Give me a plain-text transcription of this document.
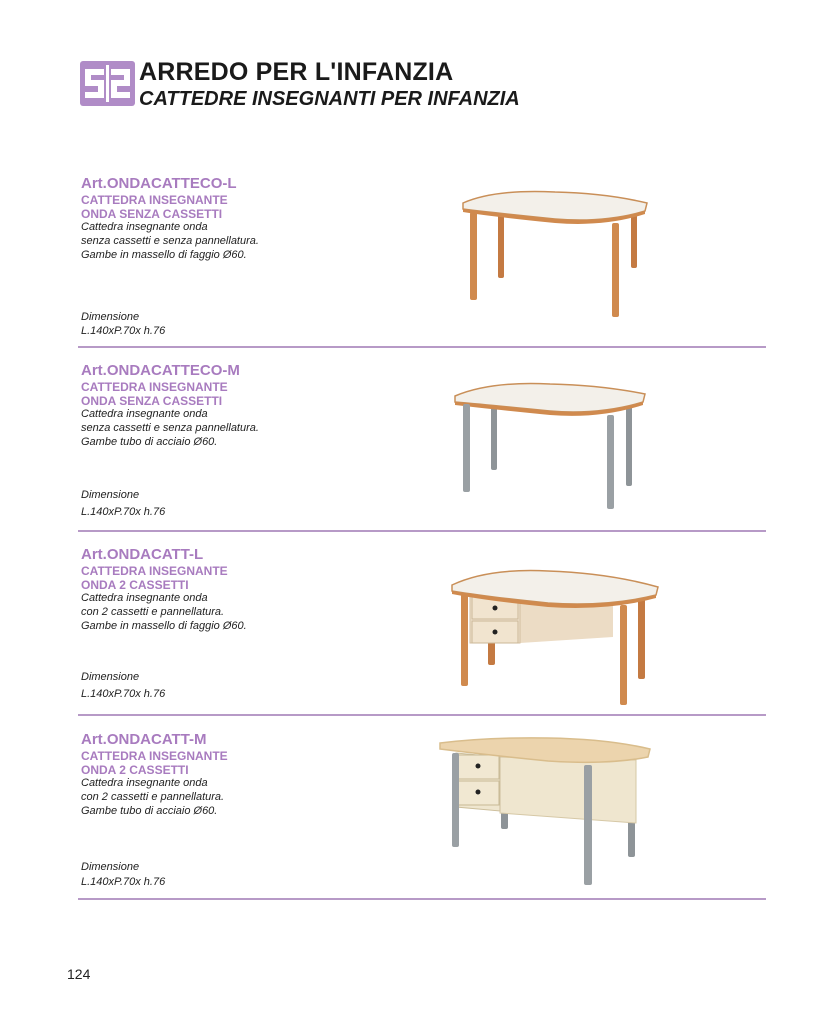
ARREDO PER L'INFANZIA
CATTEDRE INSEGNANTI PER INFANZIA

Art.ONDACATTECO-L

CATTEDRA INSEGNANTE

ONDA SENZA CASSETTI

Cattedra insegnante onda

senza cassetti e senza pannellatura.

Gambe in massello di faggio Ø60.

Dimensione

L.140xP.70x h.76

Art.ONDACATTECO-M

CATTEDRA INSEGNANTE

ONDA SENZA CASSETTI

Cattedra insegnante onda

senza cassetti e senza pannellatura.

Gambe tubo di acciaio Ø60.

Dimensione

L.140xP.70x h.76

Art.ONDACATT-L

CATTEDRA INSEGNANTE

ONDA 2 CASSETTI

Cattedra insegnante onda

con 2 cassetti e pannellatura.

Gambe in massello di faggio Ø60.

Dimensione

L.140xP.70x h.76

Art.ONDACATT-M

CATTEDRA INSEGNANTE

ONDA 2 CASSETTI

Cattedra insegnante onda

con 2 cassetti e pannellatura.

Gambe tubo di acciaio Ø60.

Dimensione

L.140xP.70x h.76

124
